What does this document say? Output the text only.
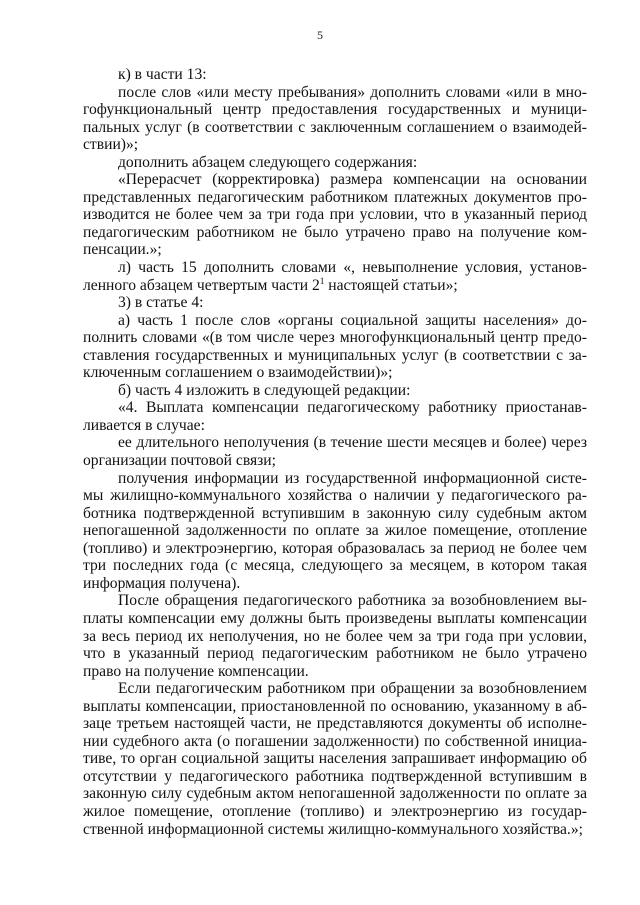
5
к) в части 13:
после слов «или месту пребывания» дополнить словами «или в мно-
гофункциональный центр предоставления государственных и муници-
пальных услуг (в соответствии с заключенным соглашением о взаимодей-
ствии)»;
дополнить абзацем следующего содержания:
«Перерасчет (корректировка) размера компенсации на основании
представленных педагогическим работником платежных документов про-
изводится не более чем за три года при условии, что в указанный период
педагогическим работником не было утрачено право на получение ком-
пенсации.»;
л) часть 15 дополнить словами «, невыполнение условия, установ-
ленного абзацем четвертым части $2^1$ настоящей статьи»;
3) в статье 4:
а) часть 1 после слов «органы социальной защиты населения» до-
полнить словами «(в том числе через многофункциональный центр предо-
ставления государственных и муниципальных услуг (в соответствии с за-
ключенным соглашением о взаимодействии)»;
б) часть 4 изложить в следующей редакции:
«4. Выплата компенсации педагогическому работнику приостанав-
ливается в случае:
ее длительного неполучения (в течение шести месяцев и более) через
организации почтовой связи;
получения информации из государственной информационной систе-
мы жилищно-коммунального хозяйства о наличии у педагогического ра-
ботника подтвержденной вступившим в законную силу судебным актом
непогашенной задолженности по оплате за жилое помещение, отопление
(топливо) и электроэнергию, которая образовалась за период не более чем
три последних года (с месяца, следующего за месяцем, в котором такая
информация получена).
После обращения педагогического работника за возобновлением вы-
платы компенсации ему должны быть произведены выплаты компенсации
за весь период их неполучения, но не более чем за три года при условии,
что в указанный период педагогическим работником не было утрачено
право на получение компенсации.
Если педагогическим работником при обращении за возобновлением
выплаты компенсации, приостановленной по основанию, указанному в аб-
заце третьем настоящей части, не представляются документы об исполне-
нии судебного акта (о погашении задолженности) по собственной инициа-
тиве, то орган социальной защиты населения запрашивает информацию об
отсутствии у педагогического работника подтвержденной вступившим в
законную силу судебным актом непогашенной задолженности по оплате за
жилое помещение, отопление (топливо) и электроэнергию из государ-
ственной информационной системы жилищно-коммунального хозяйства.»;
